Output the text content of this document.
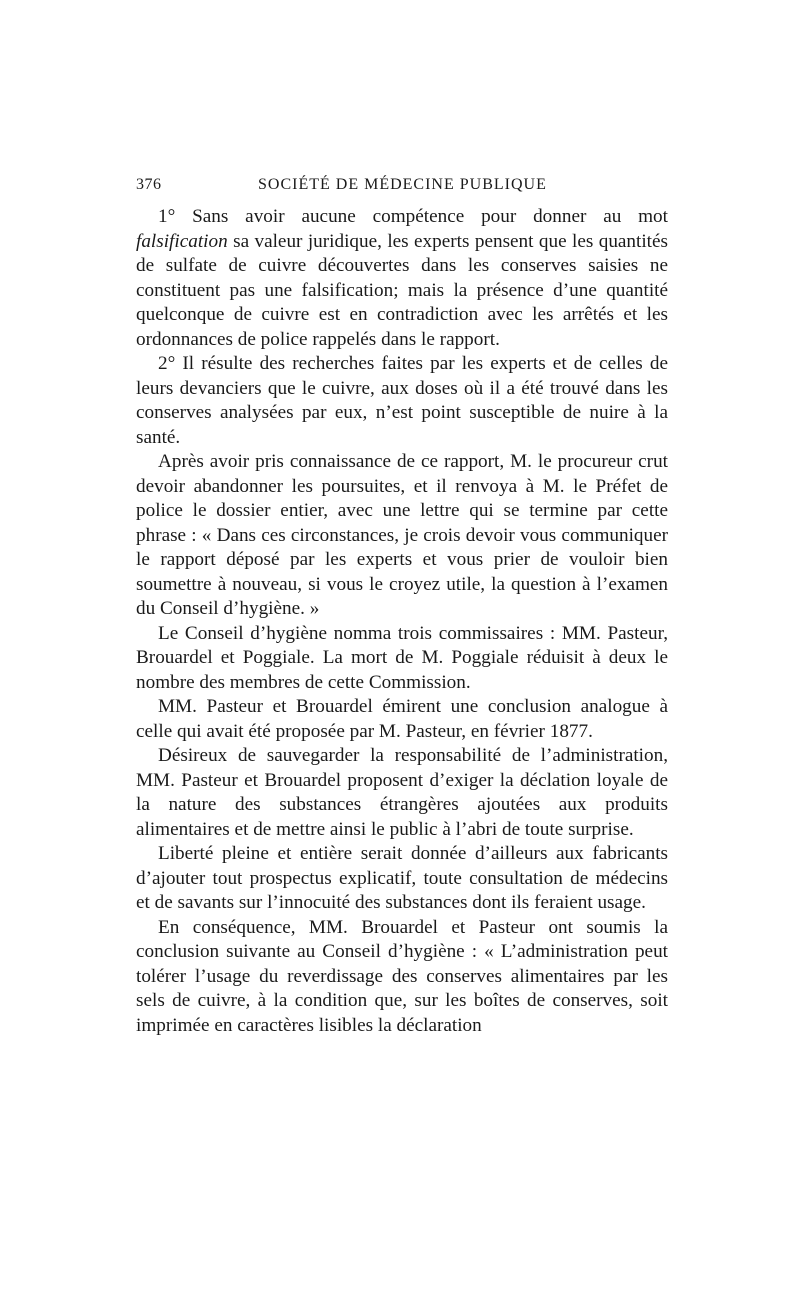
376	SOCIÉTÉ DE MÉDECINE PUBLIQUE

1° Sans avoir aucune compétence pour donner au mot falsification sa valeur juridique, les experts pensent que les quantités de sulfate de cuivre découvertes dans les conserves saisies ne constituent pas une falsification; mais la présence d’une quantité quelconque de cuivre est en contradiction avec les arrêtés et les ordonnances de police rappelés dans le rapport.

2° Il résulte des recherches faites par les experts et de celles de leurs devanciers que le cuivre, aux doses où il a été trouvé dans les conserves analysées par eux, n’est point susceptible de nuire à la santé.

Après avoir pris connaissance de ce rapport, M. le procureur crut devoir abandonner les poursuites, et il renvoya à M. le Préfet de police le dossier entier, avec une lettre qui se termine par cette phrase : « Dans ces circonstances, je crois devoir vous communiquer le rapport déposé par les experts et vous prier de vouloir bien soumettre à nouveau, si vous le croyez utile, la question à l’examen du Conseil d’hygiène. »

Le Conseil d’hygiène nomma trois commissaires : MM. Pasteur, Brouardel et Poggiale. La mort de M. Poggiale réduisit à deux le nombre des membres de cette Commission.

MM. Pasteur et Brouardel émirent une conclusion analogue à celle qui avait été proposée par M. Pasteur, en février 1877.

Désireux de sauvegarder la responsabilité de l’administration, MM. Pasteur et Brouardel proposent d’exiger la déclation loyale de la nature des substances étrangères ajoutées aux produits alimentaires et de mettre ainsi le public à l’abri de toute surprise.

Liberté pleine et entière serait donnée d’ailleurs aux fabricants d’ajouter tout prospectus explicatif, toute consultation de médecins et de savants sur l’innocuité des substances dont ils feraient usage.

En conséquence, MM. Brouardel et Pasteur ont soumis la conclusion suivante au Conseil d’hygiène : « L’administration peut tolérer l’usage du reverdissage des conserves alimentaires par les sels de cuivre, à la condition que, sur les boîtes de conserves, soit imprimée en caractères lisibles la déclaration
